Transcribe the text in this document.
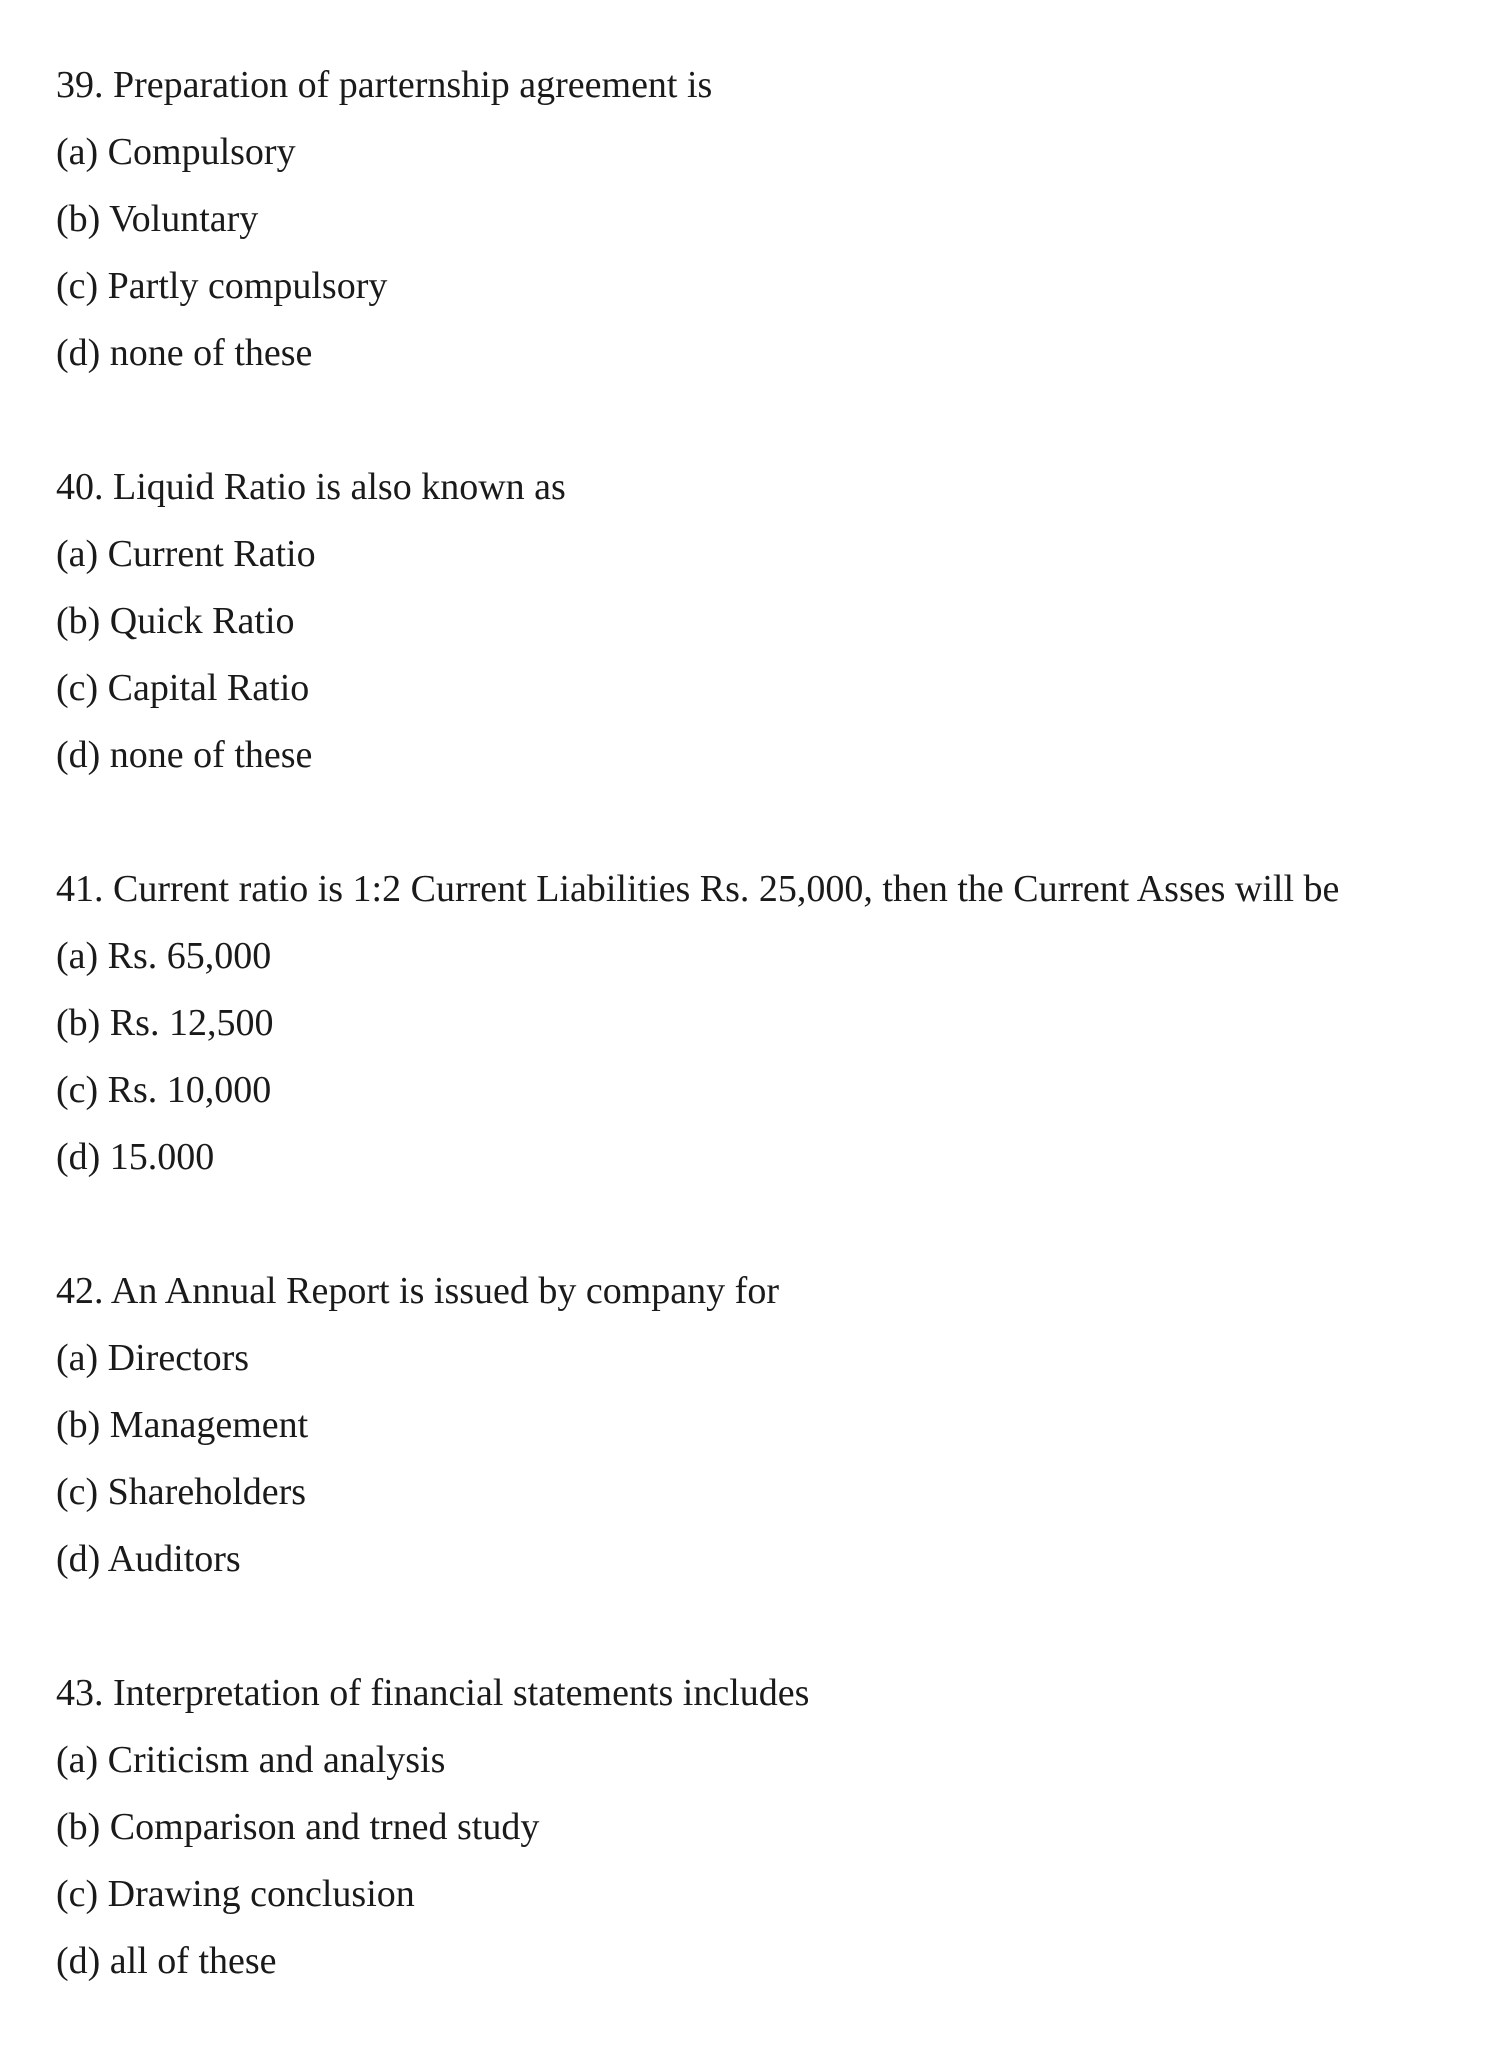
39. Preparation of parternship agreement is
(a) Compulsory
(b) Voluntary
(c) Partly compulsory
(d) none of these
40. Liquid Ratio is also known as
(a) Current Ratio
(b) Quick Ratio
(c) Capital Ratio
(d) none of these
41. Current ratio is 1:2 Current Liabilities Rs. 25,000, then the Current Asses will be
(a) Rs. 65,000
(b) Rs. 12,500
(c) Rs. 10,000
(d) 15.000
42. An Annual Report is issued by company for
(a) Directors
(b) Management
(c) Shareholders
(d) Auditors
43. Interpretation of financial statements includes
(a) Criticism and analysis
(b) Comparison and trned study
(c) Drawing conclusion
(d) all of these
